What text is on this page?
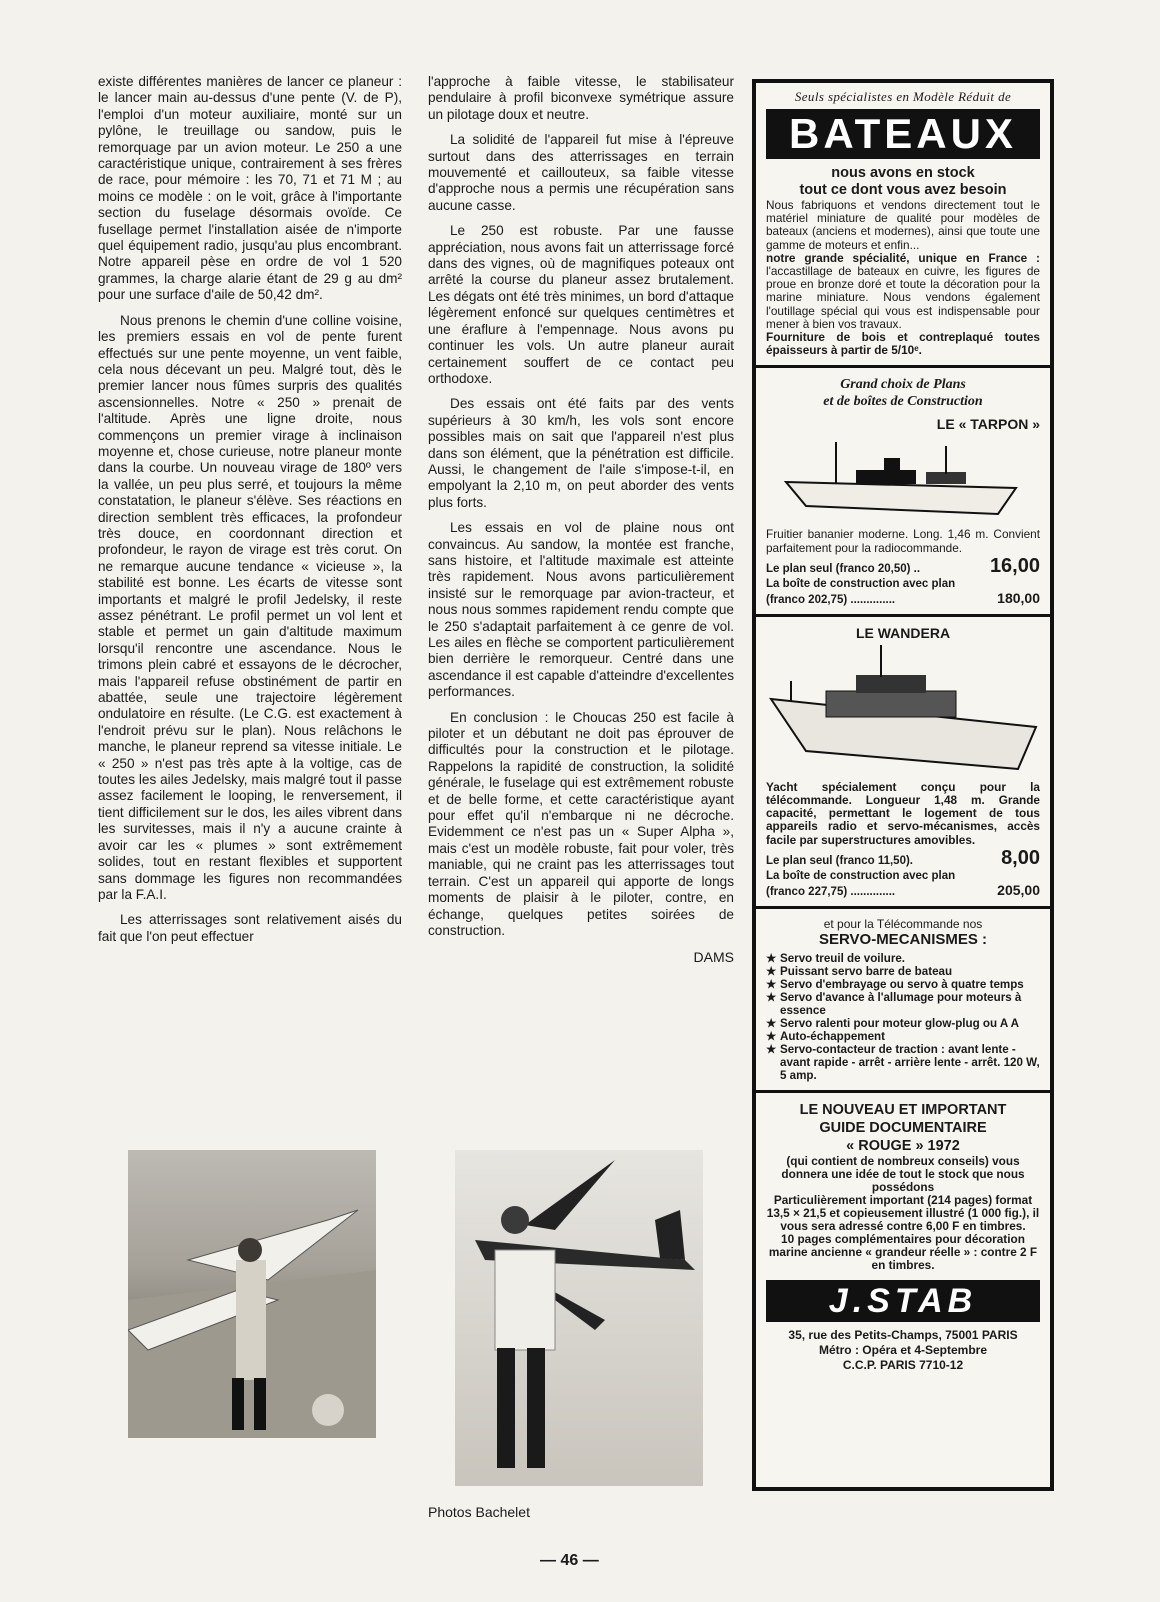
existe différentes manières de lancer ce planeur : le lancer main au-dessus d'une pente (V. de P), l'emploi d'un moteur auxiliaire, monté sur un pylône, le treuillage ou sandow, puis le remorquage par un avion moteur. Le 250 a une caractéristique unique, contrairement à ses frères de race, pour mémoire : les 70, 71 et 71 M ; au moins ce modèle : on le voit, grâce à l'importante section du fuselage désormais ovoïde. Ce fusellage permet l'installation aisée de n'importe quel équipement radio, jusqu'au plus encombrant. Notre appareil pèse en ordre de vol 1 520 grammes, la charge alarie étant de 29 g au dm² pour une surface d'aile de 50,42 dm².

Nous prenons le chemin d'une colline voisine, les premiers essais en vol de pente furent effectués sur une pente moyenne, un vent faible, cela nous décevant un peu. Malgré tout, dès le premier lancer nous fûmes surpris des qualités ascensionnelles. Notre « 250 » prenait de l'altitude. Après une ligne droite, nous commençons un premier virage à inclinaison moyenne et, chose curieuse, notre planeur monte dans la courbe. Un nouveau virage de 180º vers la vallée, un peu plus serré, et toujours la même constatation, le planeur s'élève. Ses réactions en direction semblent très efficaces, la profondeur très douce, en coordonnant direction et profondeur, le rayon de virage est très corut. On ne remarque aucune tendance « vicieuse », la stabilité est bonne. Les écarts de vitesse sont importants et malgré le profil Jedelsky, il reste assez pénétrant. Le profil permet un vol lent et stable et permet un gain d'altitude maximum lorsqu'il rencontre une ascendance. Nous le trimons plein cabré et essayons de le décrocher, mais l'appareil refuse obstinément de partir en abattée, seule une trajectoire légèrement ondulatoire en résulte. (Le C.G. est exactement à l'endroit prévu sur le plan). Nous relâchons le manche, le planeur reprend sa vitesse initiale. Le « 250 » n'est pas très apte à la voltige, cas de toutes les ailes Jedelsky, mais malgré tout il passe assez facilement le looping, le renversement, il tient difficilement sur le dos, les ailes vibrent dans les survitesses, mais il n'y a aucune crainte à avoir car les « plumes » sont extrêmement solides, tout en restant flexibles et supportent sans dommage les figures non recommandées par la F.A.I.

Les atterrissages sont relativement aisés du fait que l'on peut effectuer

l'approche à faible vitesse, le stabilisateur pendulaire à profil biconvexe symétrique assure un pilotage doux et neutre.

La solidité de l'appareil fut mise à l'épreuve surtout dans des atterrissages en terrain mouvementé et caillouteux, sa faible vitesse d'approche nous a permis une récupération sans aucune casse.

Le 250 est robuste. Par une fausse appréciation, nous avons fait un atterrissage forcé dans des vignes, où de magnifiques poteaux ont arrêté la course du planeur assez brutalement. Les dégats ont été très minimes, un bord d'attaque légèrement enfoncé sur quelques centimètres et une éraflure à l'empennage. Nous avons pu continuer les vols. Un autre planeur aurait certainement souffert de ce contact peu orthodoxe.

Des essais ont été faits par des vents supérieurs à 30 km/h, les vols sont encore possibles mais on sait que l'appareil n'est plus dans son élément, que la pénétration est difficile. Aussi, le changement de l'aile s'impose-t-il, en empolyant la 2,10 m, on peut aborder des vents plus forts.

Les essais en vol de plaine nous ont convaincus. Au sandow, la montée est franche, sans histoire, et l'altitude maximale est atteinte très rapidement. Nous avons particulièrement insisté sur le remorquage par avion-tracteur, et nous nous sommes rapidement rendu compte que le 250 s'adaptait parfaitement à ce genre de vol. Les ailes en flèche se comportent particulièrement bien derrière le remorqueur. Centré dans une ascendance il est capable d'atteindre d'excellentes performances.

En conclusion : le Choucas 250 est facile à piloter et un débutant ne doit pas éprouver de difficultés pour la construction et le pilotage. Rappelons la rapidité de construction, la solidité générale, le fuselage qui est extrêmement robuste et de belle forme, et cette caractéristique ayant pour effet qu'il n'embarque ni ne décroche. Evidemment ce n'est pas un « Super Alpha », mais c'est un modèle robuste, fait pour voler, très maniable, qui ne craint pas les atterrissages tout terrain. C'est un appareil qui apporte de longs moments de plaisir à le piloter, contre, en échange, quelques petites soirées de construction.

DAMS
Photos Bachelet
— 46 —
Seuls spécialistes en Modèle Réduit de
BATEAUX
nous avons en stock
tout ce dont vous avez besoin
Nous fabriquons et vendons directement tout le matériel miniature de qualité pour modèles de bateaux (anciens et modernes), ainsi que toute une gamme de moteurs et enfin...
notre grande spécialité, unique en France : l'accastillage de bateaux en cuivre, les figures de proue en bronze doré et toute la décoration pour la marine miniature. Nous vendons également l'outillage spécial qui vous est indispensable pour mener à bien vos travaux.
Fourniture de bois et contreplaqué toutes épaisseurs à partir de 5/10ᵉ.
Grand choix de Plans
et de boîtes de Construction
LE « TARPON »
Fruitier bananier moderne. Long. 1,46 m. Convient parfaitement pour la radiocommande.
Le plan seul (franco 20,50) ..	16,00
La boîte de construction avec plan
(franco 202,75) ..............	180,00
LE WANDERA
Yacht spécialement conçu pour la télécommande. Longueur 1,48 m. Grande capacité, permettant le logement de tous appareils radio et servo-mécanismes, accès facile par superstructures amovibles.
Le plan seul (franco 11,50).	8,00
La boîte de construction avec plan
(franco 227,75) ..............	205,00
et pour la Télécommande nos
SERVO-MECANISMES :
★ Servo treuil de voilure.
★ Puissant servo barre de bateau
★ Servo d'embrayage ou servo à quatre temps
★ Servo d'avance à l'allumage pour moteurs à essence
★ Servo ralenti pour moteur glow-plug ou A A
★ Auto-échappement
★ Servo-contacteur de traction : avant lente - avant rapide - arrêt - arrière lente - arrêt. 120 W, 5 amp.
LE NOUVEAU ET IMPORTANT
GUIDE DOCUMENTAIRE
« ROUGE » 1972
(qui contient de nombreux conseils) vous donnera une idée de tout le stock que nous possédons
Particulièrement important (214 pages) format 13,5 × 21,5 et copieusement illustré (1 000 fig.), il vous sera adressé contre 6,00 F en timbres.
10 pages complémentaires pour décoration marine ancienne « grandeur réelle » : contre 2 F en timbres.
J.STAB
35, rue des Petits-Champs, 75001 PARIS
Métro : Opéra et 4-Septembre
C.C.P. PARIS 7710-12
